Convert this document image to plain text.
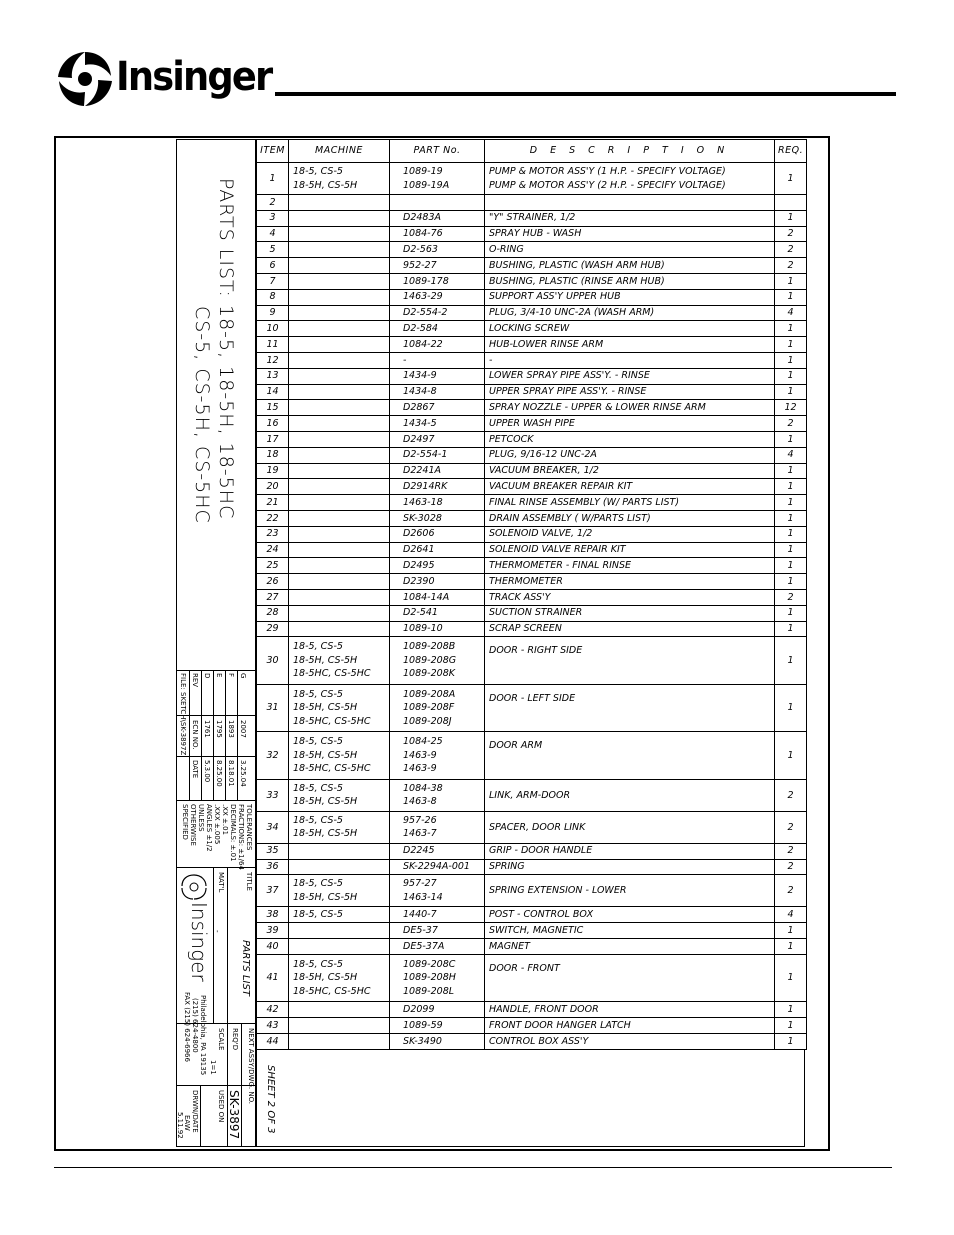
Insinger
PARTS LIST: 18-5, 18-5H, 18-5HC
CS-5, CS-5H, CS-5HC
G
2007
3.25.04
F
1893
8.18.01
E
1795
8.25.00
D
1761
5.3.00
REV
ECN NO.
DATE
FILE: SKETCH\SK-3897Z
TOLERANCES
FRACTIONS: ±1/64
DECIMALS: ±.01
.XX ±.01
.XXX ±.005
ANGLES ±1/2
UNLESS
OTHERWISE
SPECIFIED
TITLE
PARTS LIST
MAT'L
-
Insinger
Philadelphia, PA 19135
(215) 624-4800
FAX (215) 624-6966
NEXT ASSY/DWG. NO.
REQ'D
SK-3897
SCALE
1=1
USED ON
DRWN/DATE
EAW
5.11.92	SHEET 2 OF 3
ITEM	MACHINE	PART No.	D E S C R I P T I O N	REQ.
1	18-5, CS-5
18-5H, CS-5H	1089-19
1089-19A	PUMP & MOTOR ASS'Y (1 H.P. - SPECIFY VOLTAGE)
PUMP & MOTOR ASS'Y (2 H.P. - SPECIFY VOLTAGE)	1
2				
3		D2483A	"Y" STRAINER, 1/2	1
4		1084-76	SPRAY HUB - WASH	2
5		D2-563	O-RING	2
6		952-27	BUSHING, PLASTIC (WASH ARM HUB)	2
7		1089-178	BUSHING, PLASTIC (RINSE ARM HUB)	1
8		1463-29	SUPPORT ASS'Y UPPER HUB	1
9		D2-554-2	PLUG, 3/4-10 UNC-2A (WASH ARM)	4
10		D2-584	LOCKING SCREW	1
11		1084-22	HUB-LOWER RINSE ARM	1
12		-	-	1
13		1434-9	LOWER SPRAY PIPE ASS'Y. - RINSE	1
14		1434-8	UPPER SPRAY PIPE ASS'Y. - RINSE	1
15		D2867	SPRAY NOZZLE - UPPER & LOWER RINSE ARM	12
16		1434-5	UPPER WASH PIPE	2
17		D2497	PETCOCK	1
18		D2-554-1	PLUG, 9/16-12 UNC-2A	4
19		D2241A	VACUUM BREAKER, 1/2	1
20		D2914RK	VACUUM BREAKER REPAIR KIT	1
21		1463-18	FINAL RINSE ASSEMBLY (W/ PARTS LIST)	1
22		SK-3028	DRAIN ASSEMBLY ( W/PARTS LIST)	1
23		D2606	SOLENOID VALVE, 1/2	1
24		D2641	SOLENOID VALVE REPAIR KIT	1
25		D2495	THERMOMETER - FINAL RINSE	1
26		D2390	THERMOMETER	1
27		1084-14A	TRACK ASS'Y	2
28		D2-541	SUCTION STRAINER	1
29		1089-10	SCRAP SCREEN	1
30	18-5, CS-5
18-5H, CS-5H
18-5HC, CS-5HC	1089-208B
1089-208G
1089-208K	DOOR - RIGHT SIDE	1
31	18-5, CS-5
18-5H, CS-5H
18-5HC, CS-5HC	1089-208A
1089-208F
1089-208J	DOOR - LEFT SIDE	1
32	18-5, CS-5
18-5H, CS-5H
18-5HC, CS-5HC	1084-25
1463-9
1463-9	DOOR ARM	1
33	18-5, CS-5
18-5H, CS-5H	1084-38
1463-8	LINK, ARM-DOOR	2
34	18-5, CS-5
18-5H, CS-5H	957-26
1463-7	SPACER, DOOR LINK	2
35		D2245	GRIP - DOOR HANDLE	2
36		SK-2294A-001	SPRING	2
37	18-5, CS-5
18-5H, CS-5H	957-27
1463-14	SPRING EXTENSION - LOWER	2
38	18-5, CS-5	1440-7	POST - CONTROL BOX	4
39		DE5-37	SWITCH, MAGNETIC	1
40		DE5-37A	MAGNET	1
41	18-5, CS-5
18-5H, CS-5H
18-5HC, CS-5HC	1089-208C
1089-208H
1089-208L	DOOR - FRONT	1
42		D2099	HANDLE, FRONT DOOR	1
43		1089-59	FRONT DOOR HANGER LATCH	1
44		SK-3490	CONTROL BOX ASS'Y	1
